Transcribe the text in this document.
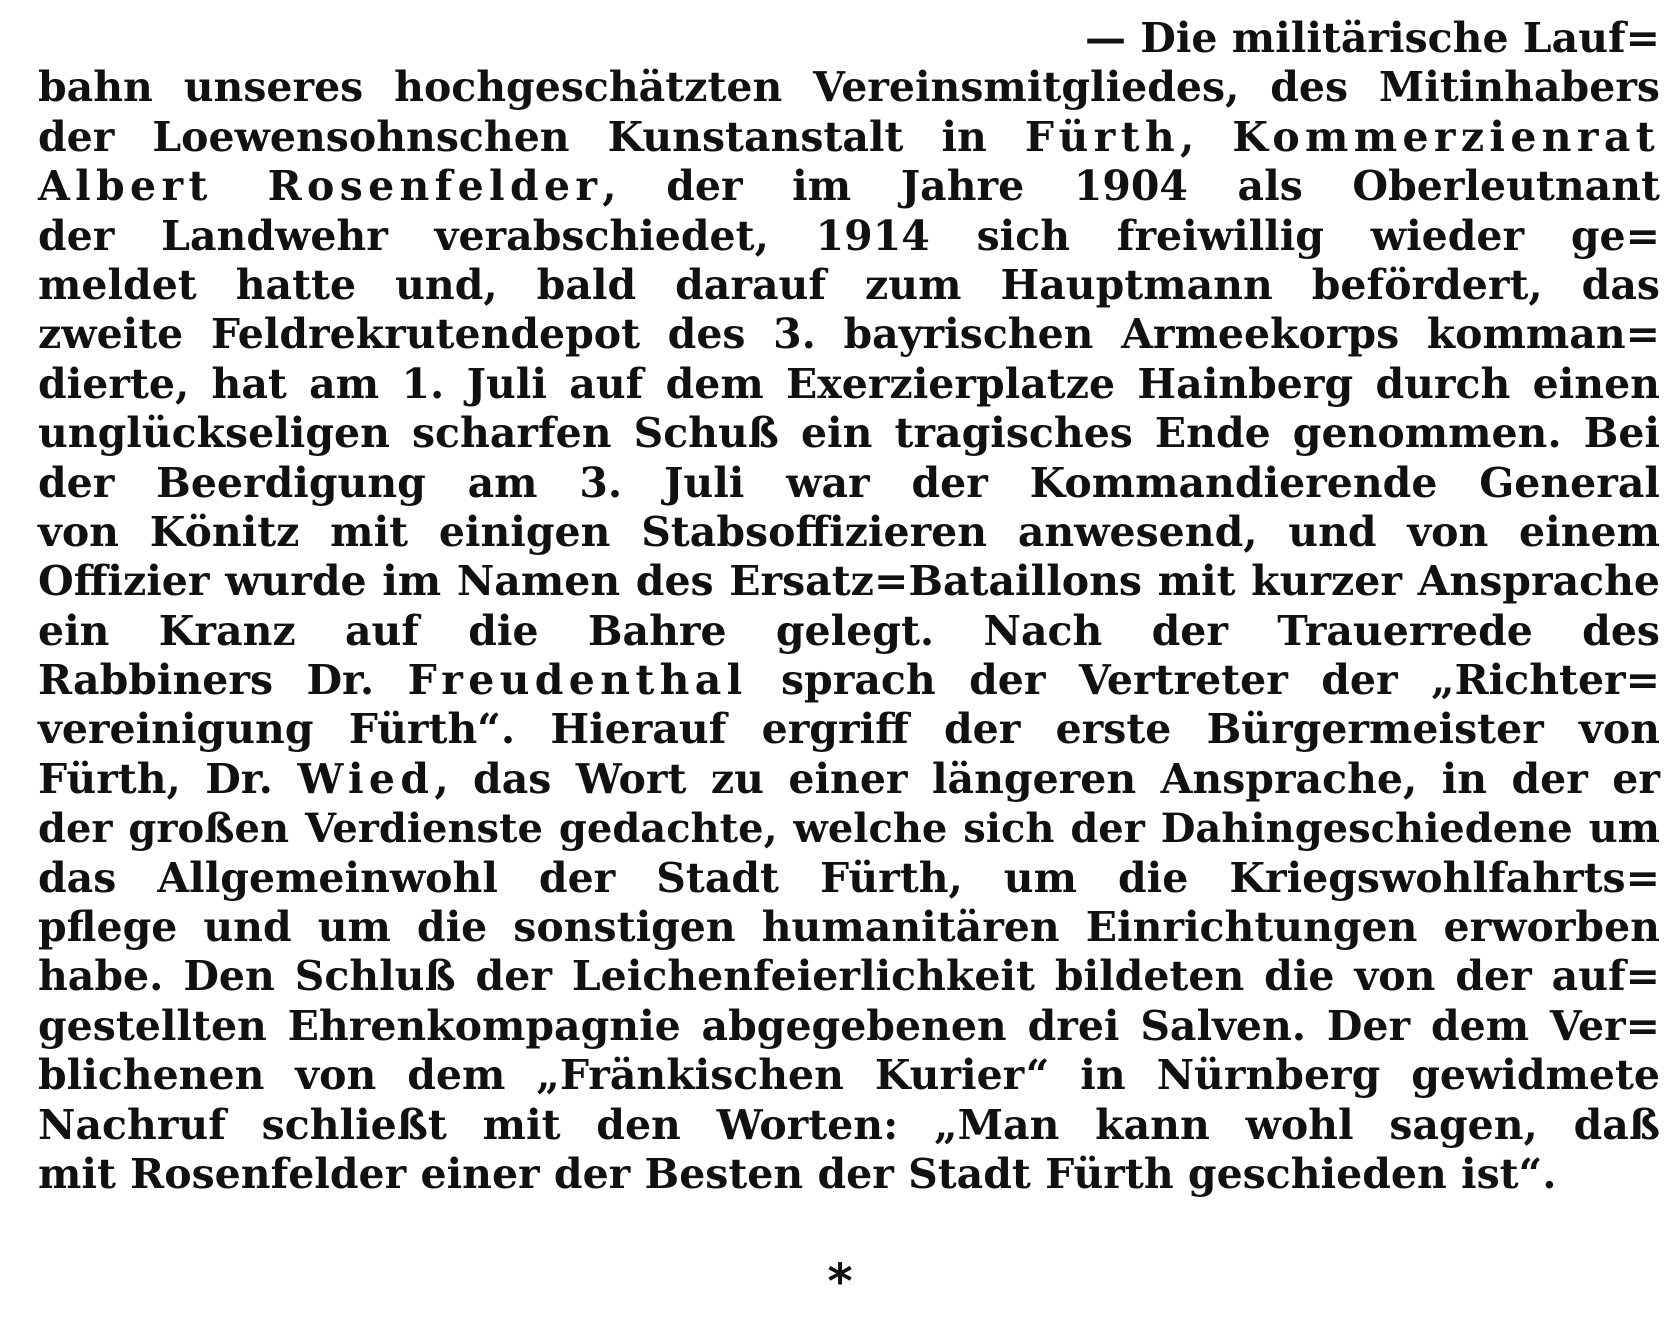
— Die militärische Lauf=
bahn unseres hochgeschätzten Vereinsmitgliedes, des Mitinhabers
der Loewensohnschen Kunstanstalt in Fürth, Kommerzienrat
Albert Rosenfelder, der im Jahre 1904 als Oberleutnant
der Landwehr verabschiedet, 1914 sich freiwillig wieder ge=
meldet hatte und, bald darauf zum Hauptmann befördert, das
zweite Feldrekrutendepot des 3. bayrischen Armeekorps komman=
dierte, hat am 1. Juli auf dem Exerzierplatze Hainberg durch einen
unglückseligen scharfen Schuß ein tragisches Ende genommen. Bei
der Beerdigung am 3. Juli war der Kommandierende General
von Könitz mit einigen Stabsoffizieren anwesend, und von einem
Offizier wurde im Namen des Ersatz=Bataillons mit kurzer Ansprache
ein Kranz auf die Bahre gelegt. Nach der Trauerrede des
Rabbiners Dr. Freudenthal sprach der Vertreter der „Richter=
vereinigung Fürth“. Hierauf ergriff der erste Bürgermeister von
Fürth, Dr. Wied, das Wort zu einer längeren Ansprache, in der er
der großen Verdienste gedachte, welche sich der Dahingeschiedene um
das Allgemeinwohl der Stadt Fürth, um die Kriegswohlfahrts=
pflege und um die sonstigen humanitären Einrichtungen erworben
habe. Den Schluß der Leichenfeierlichkeit bildeten die von der auf=
gestellten Ehrenkompagnie abgegebenen drei Salven. Der dem Ver=
blichenen von dem „Fränkischen Kurier“ in Nürnberg gewidmete
Nachruf schließt mit den Worten: „Man kann wohl sagen, daß
mit Rosenfelder einer der Besten der Stadt Fürth geschieden ist“.
*
